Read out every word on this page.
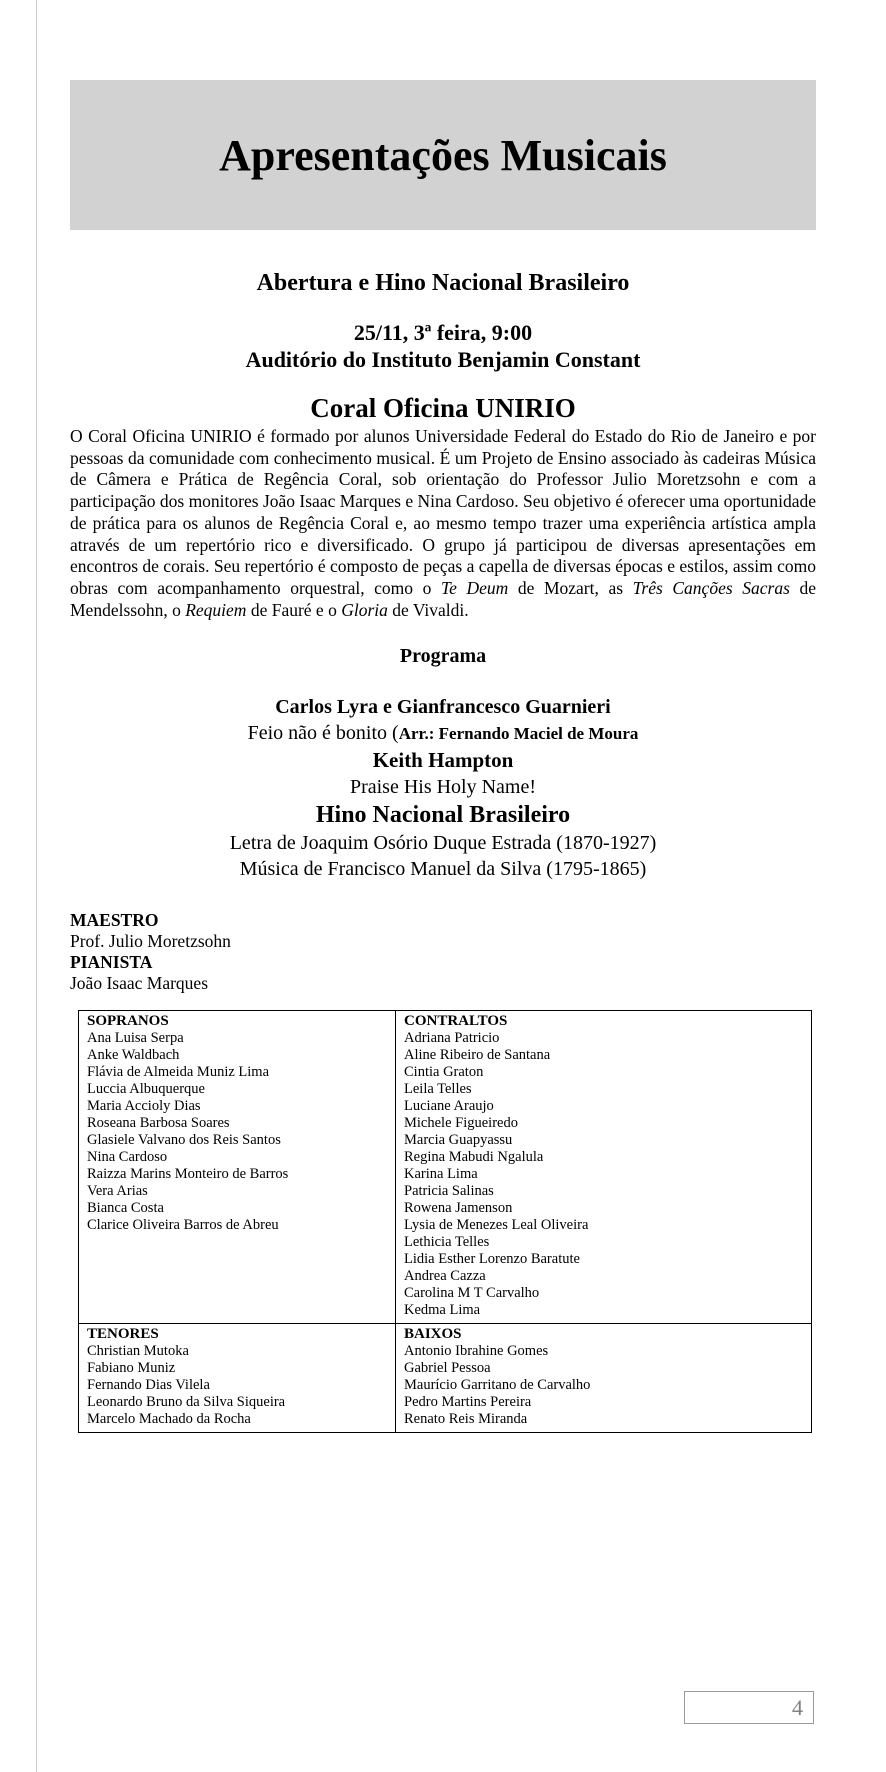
Apresentações Musicais
Abertura e Hino Nacional Brasileiro
25/11, 3ª feira, 9:00
Auditório do Instituto Benjamin Constant
Coral Oficina UNIRIO
O Coral Oficina UNIRIO é formado por alunos Universidade Federal do Estado do Rio de Janeiro e por pessoas da comunidade com conhecimento musical. É um Projeto de Ensino associado às cadeiras Música de Câmera e Prática de Regência Coral, sob orientação do Professor Julio Moretzsohn e com a participação dos monitores João Isaac Marques e Nina Cardoso. Seu objetivo é oferecer uma oportunidade de prática para os alunos de Regência Coral e, ao mesmo tempo trazer uma experiência artística ampla através de um repertório rico e diversificado. O grupo já participou de diversas apresentações em encontros de corais. Seu repertório é composto de peças a capella de diversas épocas e estilos, assim como obras com acompanhamento orquestral, como o Te Deum de Mozart, as Três Canções Sacras de Mendelssohn, o Requiem de Fauré e o Gloria de Vivaldi.
Programa
Carlos Lyra e Gianfrancesco Guarnieri
Feio não é bonito (Arr.: Fernando Maciel de Moura
Keith Hampton
Praise His Holy Name!
Hino Nacional Brasileiro
Letra de Joaquim Osório Duque Estrada (1870-1927)
Música de Francisco Manuel da Silva (1795-1865)
MAESTRO
Prof. Julio Moretzsohn
PIANISTA
João Isaac Marques
SOPRANOS
Ana Luisa Serpa
Anke Waldbach
Flávia de Almeida Muniz Lima
Luccia Albuquerque
Maria Accioly Dias
Roseana Barbosa Soares
Glasiele Valvano dos Reis Santos
Nina Cardoso
Raizza Marins Monteiro de Barros
Vera Arias
Bianca Costa
Clarice Oliveira Barros de Abreu

CONTRALTOS
Adriana Patricio
Aline Ribeiro de Santana
Cintia Graton
Leila Telles
Luciane Araujo
Michele Figueiredo
Marcia Guapyassu
Regina Mabudi Ngalula
Karina Lima
Patricia Salinas
Rowena Jamenson
Lysia de Menezes Leal Oliveira
Lethicia Telles
Lidia Esther Lorenzo Baratute
Andrea Cazza
Carolina M T Carvalho
Kedma Lima

TENORES
Christian Mutoka
Fabiano Muniz
Fernando Dias Vilela
Leonardo Bruno da Silva Siqueira
Marcelo Machado da Rocha

BAIXOS
Antonio Ibrahine Gomes
Gabriel Pessoa
Maurício Garritano de Carvalho
Pedro Martins Pereira
Renato Reis Miranda
4
